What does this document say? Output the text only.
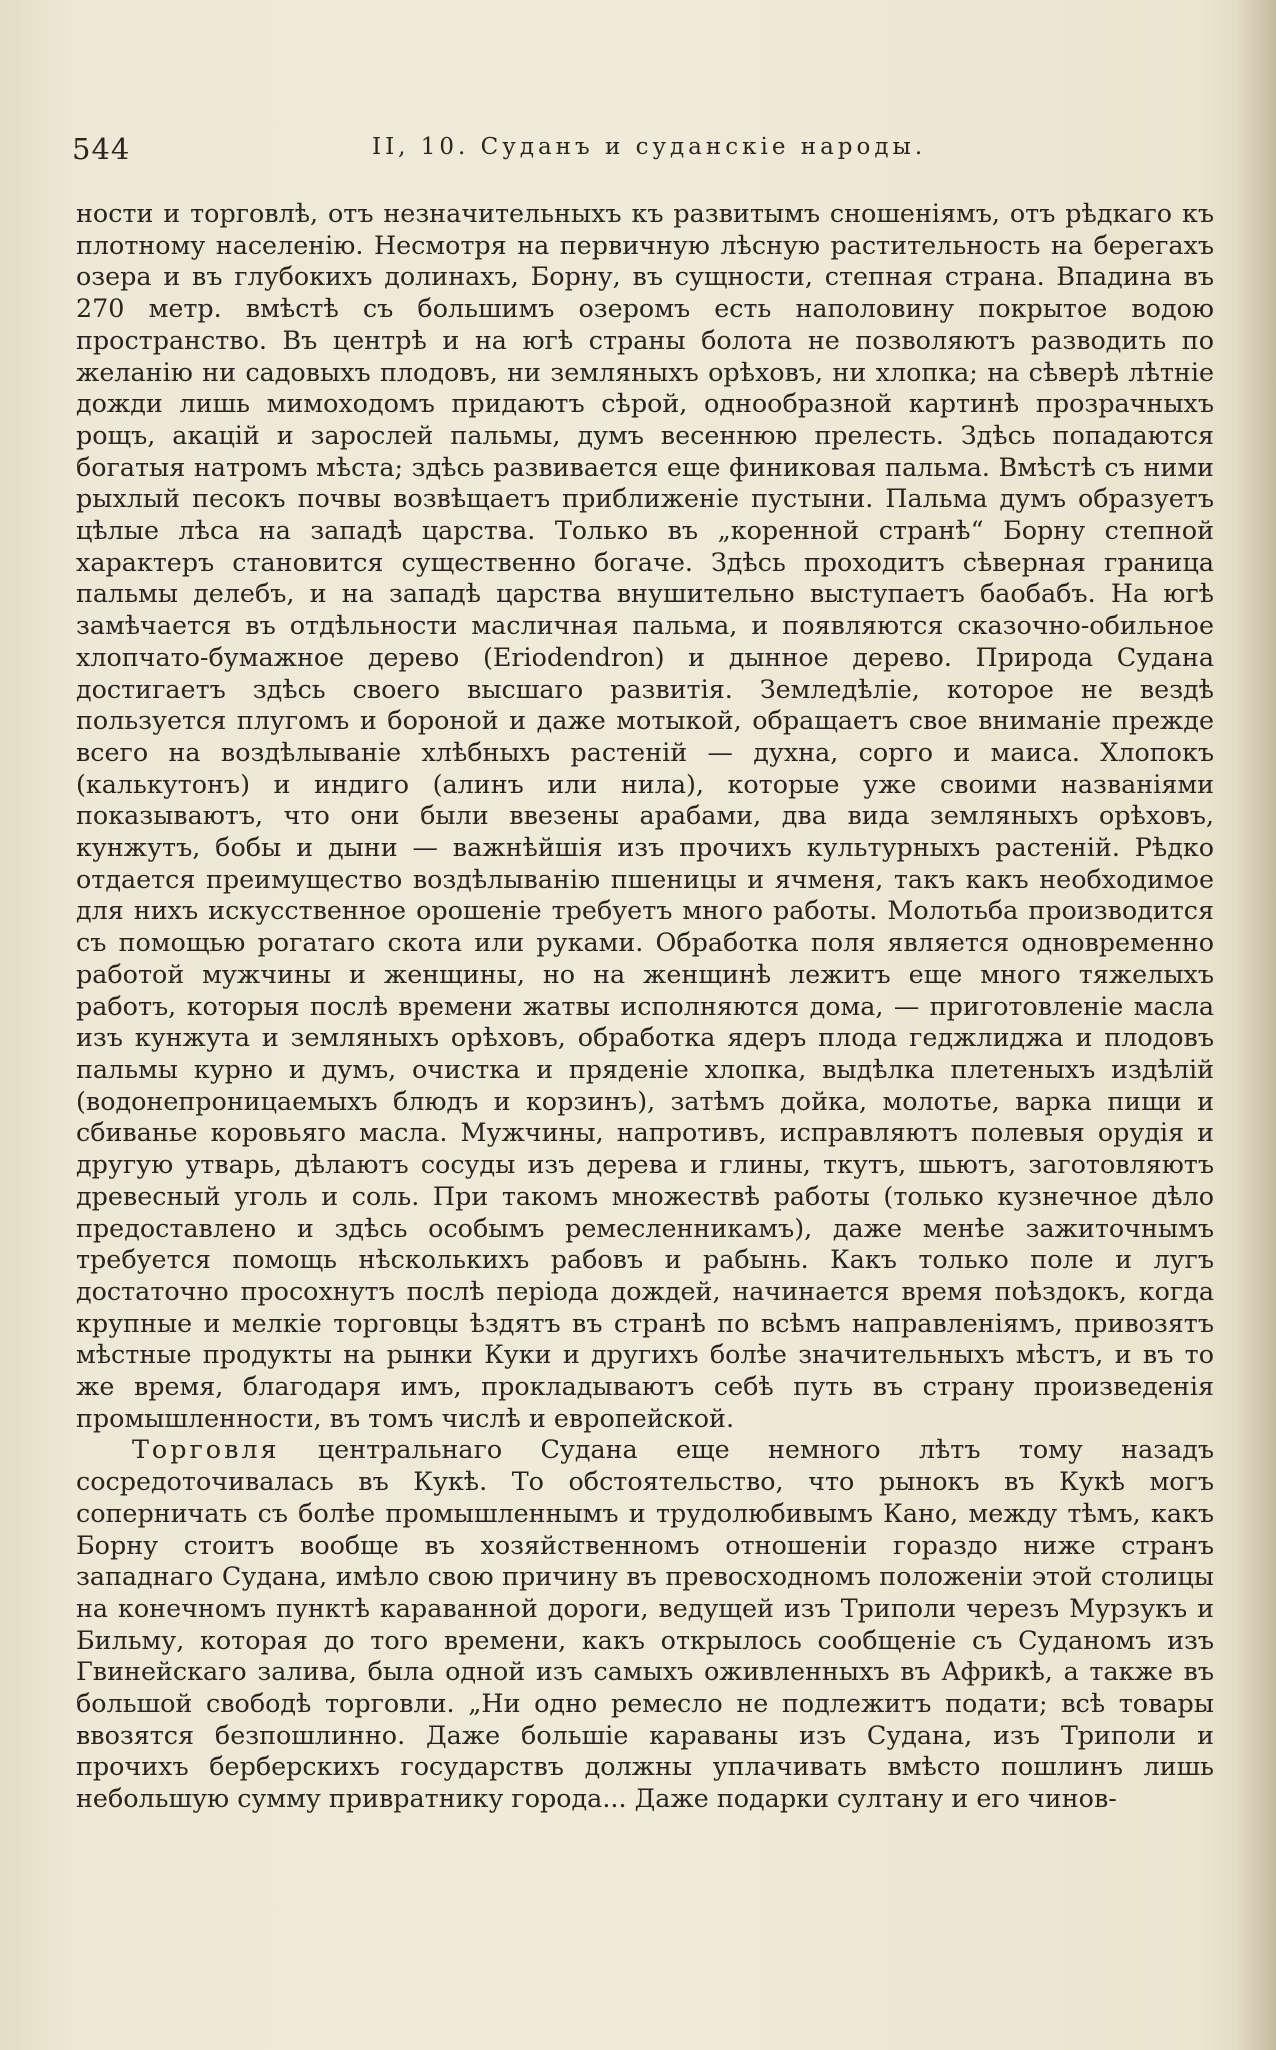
544	II, 10. Суданъ и суданскіе народы.

ности и торговлѣ, отъ незначительныхъ къ развитымъ сношеніямъ, отъ рѣдкаго къ плотному населенію. Несмотря на первичную лѣсную растительность на берегахъ озера и въ глубокихъ долинахъ, Борну, въ сущности, степная страна. Впадина въ 270 метр. вмѣстѣ съ большимъ озеромъ есть наполовину покрытое водою пространство. Въ центрѣ и на югѣ страны болота не позволяютъ разводить по желанію ни садовыхъ плодовъ, ни земляныхъ орѣховъ, ни хлопка; на сѣверѣ лѣтніе дожди лишь мимоходомъ придаютъ сѣрой, однообразной картинѣ прозрачныхъ рощъ, акацій и зарослей пальмы, думъ весеннюю прелесть. Здѣсь попадаются богатыя натромъ мѣста; здѣсь развивается еще финиковая пальма. Вмѣстѣ съ ними рыхлый песокъ почвы возвѣщаетъ приближеніе пустыни. Пальма думъ образуетъ цѣлые лѣса на западѣ царства. Только въ „коренной странѣ“ Борну степной характеръ становится существенно богаче. Здѣсь проходитъ сѣверная граница пальмы делебъ, и на западѣ царства внушительно выступаетъ баобабъ. На югѣ замѣчается въ отдѣльности масличная пальма, и появляются сказочно-обильное хлопчато-бумажное дерево (Eriodendron) и дынное дерево. Природа Судана достигаетъ здѣсь своего высшаго развитія. Земледѣліе, которое не вездѣ пользуется плугомъ и бороной и даже мотыкой, обращаетъ свое вниманіе прежде всего на воздѣлываніе хлѣбныхъ растеній — духна, сорго и маиса. Хлопокъ (калькутонъ) и индиго (алинъ или нила), которые уже своими названіями показываютъ, что они были ввезены арабами, два вида земляныхъ орѣховъ, кунжутъ, бобы и дыни — важнѣйшія изъ прочихъ культурныхъ растеній. Рѣдко отдается преимущество воздѣлыванію пшеницы и ячменя, такъ какъ необходимое для нихъ искусственное орошеніе требуетъ много работы. Молотьба производится съ помощью рогатаго скота или руками. Обработка поля является одновременно работой мужчины и женщины, но на женщинѣ лежитъ еще много тяжелыхъ работъ, которыя послѣ времени жатвы исполняются дома, — приготовленіе масла изъ кунжута и земляныхъ орѣховъ, обработка ядеръ плода геджлиджа и плодовъ пальмы курно и думъ, очистка и пряденіе хлопка, выдѣлка плетеныхъ издѣлій (водонепроницаемыхъ блюдъ и корзинъ), затѣмъ дойка, молотье, варка пищи и сбиванье коровьяго масла. Мужчины, напротивъ, исправляютъ полевыя орудія и другую утварь, дѣлаютъ сосуды изъ дерева и глины, ткутъ, шьютъ, заготовляютъ древесный уголь и соль. При такомъ множествѣ работы (только кузнечное дѣло предоставлено и здѣсь особымъ ремесленникамъ), даже менѣе зажиточнымъ требуется помощь нѣсколькихъ рабовъ и рабынь. Какъ только поле и лугъ достаточно просохнутъ послѣ періода дождей, начинается время поѣздокъ, когда крупные и мелкіе торговцы ѣздятъ въ странѣ по всѣмъ направленіямъ, привозятъ мѣстные продукты на рынки Куки и другихъ болѣе значительныхъ мѣстъ, и въ то же время, благодаря имъ, прокладываютъ себѣ путь въ страну произведенія промышленности, въ томъ числѣ и европейской.

Торговля центральнаго Судана еще немного лѣтъ тому назадъ сосредоточивалась въ Кукѣ. То обстоятельство, что рынокъ въ Кукѣ могъ соперничать съ болѣе промышленнымъ и трудолюбивымъ Кано, между тѣмъ, какъ Борну стоитъ вообще въ хозяйственномъ отношеніи гораздо ниже странъ западнаго Судана, имѣло свою причину въ превосходномъ положеніи этой столицы на конечномъ пунктѣ караванной дороги, ведущей изъ Триполи черезъ Мурзукъ и Бильму, которая до того времени, какъ открылось сообщеніе съ Суданомъ изъ Гвинейскаго залива, была одной изъ самыхъ оживленныхъ въ Африкѣ, а также въ большой свободѣ торговли. „Ни одно ремесло не подлежитъ подати; всѣ товары ввозятся безпошлинно. Даже большіе караваны изъ Судана, изъ Триполи и прочихъ берберскихъ государствъ должны уплачивать вмѣсто пошлинъ лишь небольшую сумму привратнику города... Даже подарки султану и его чинов-
